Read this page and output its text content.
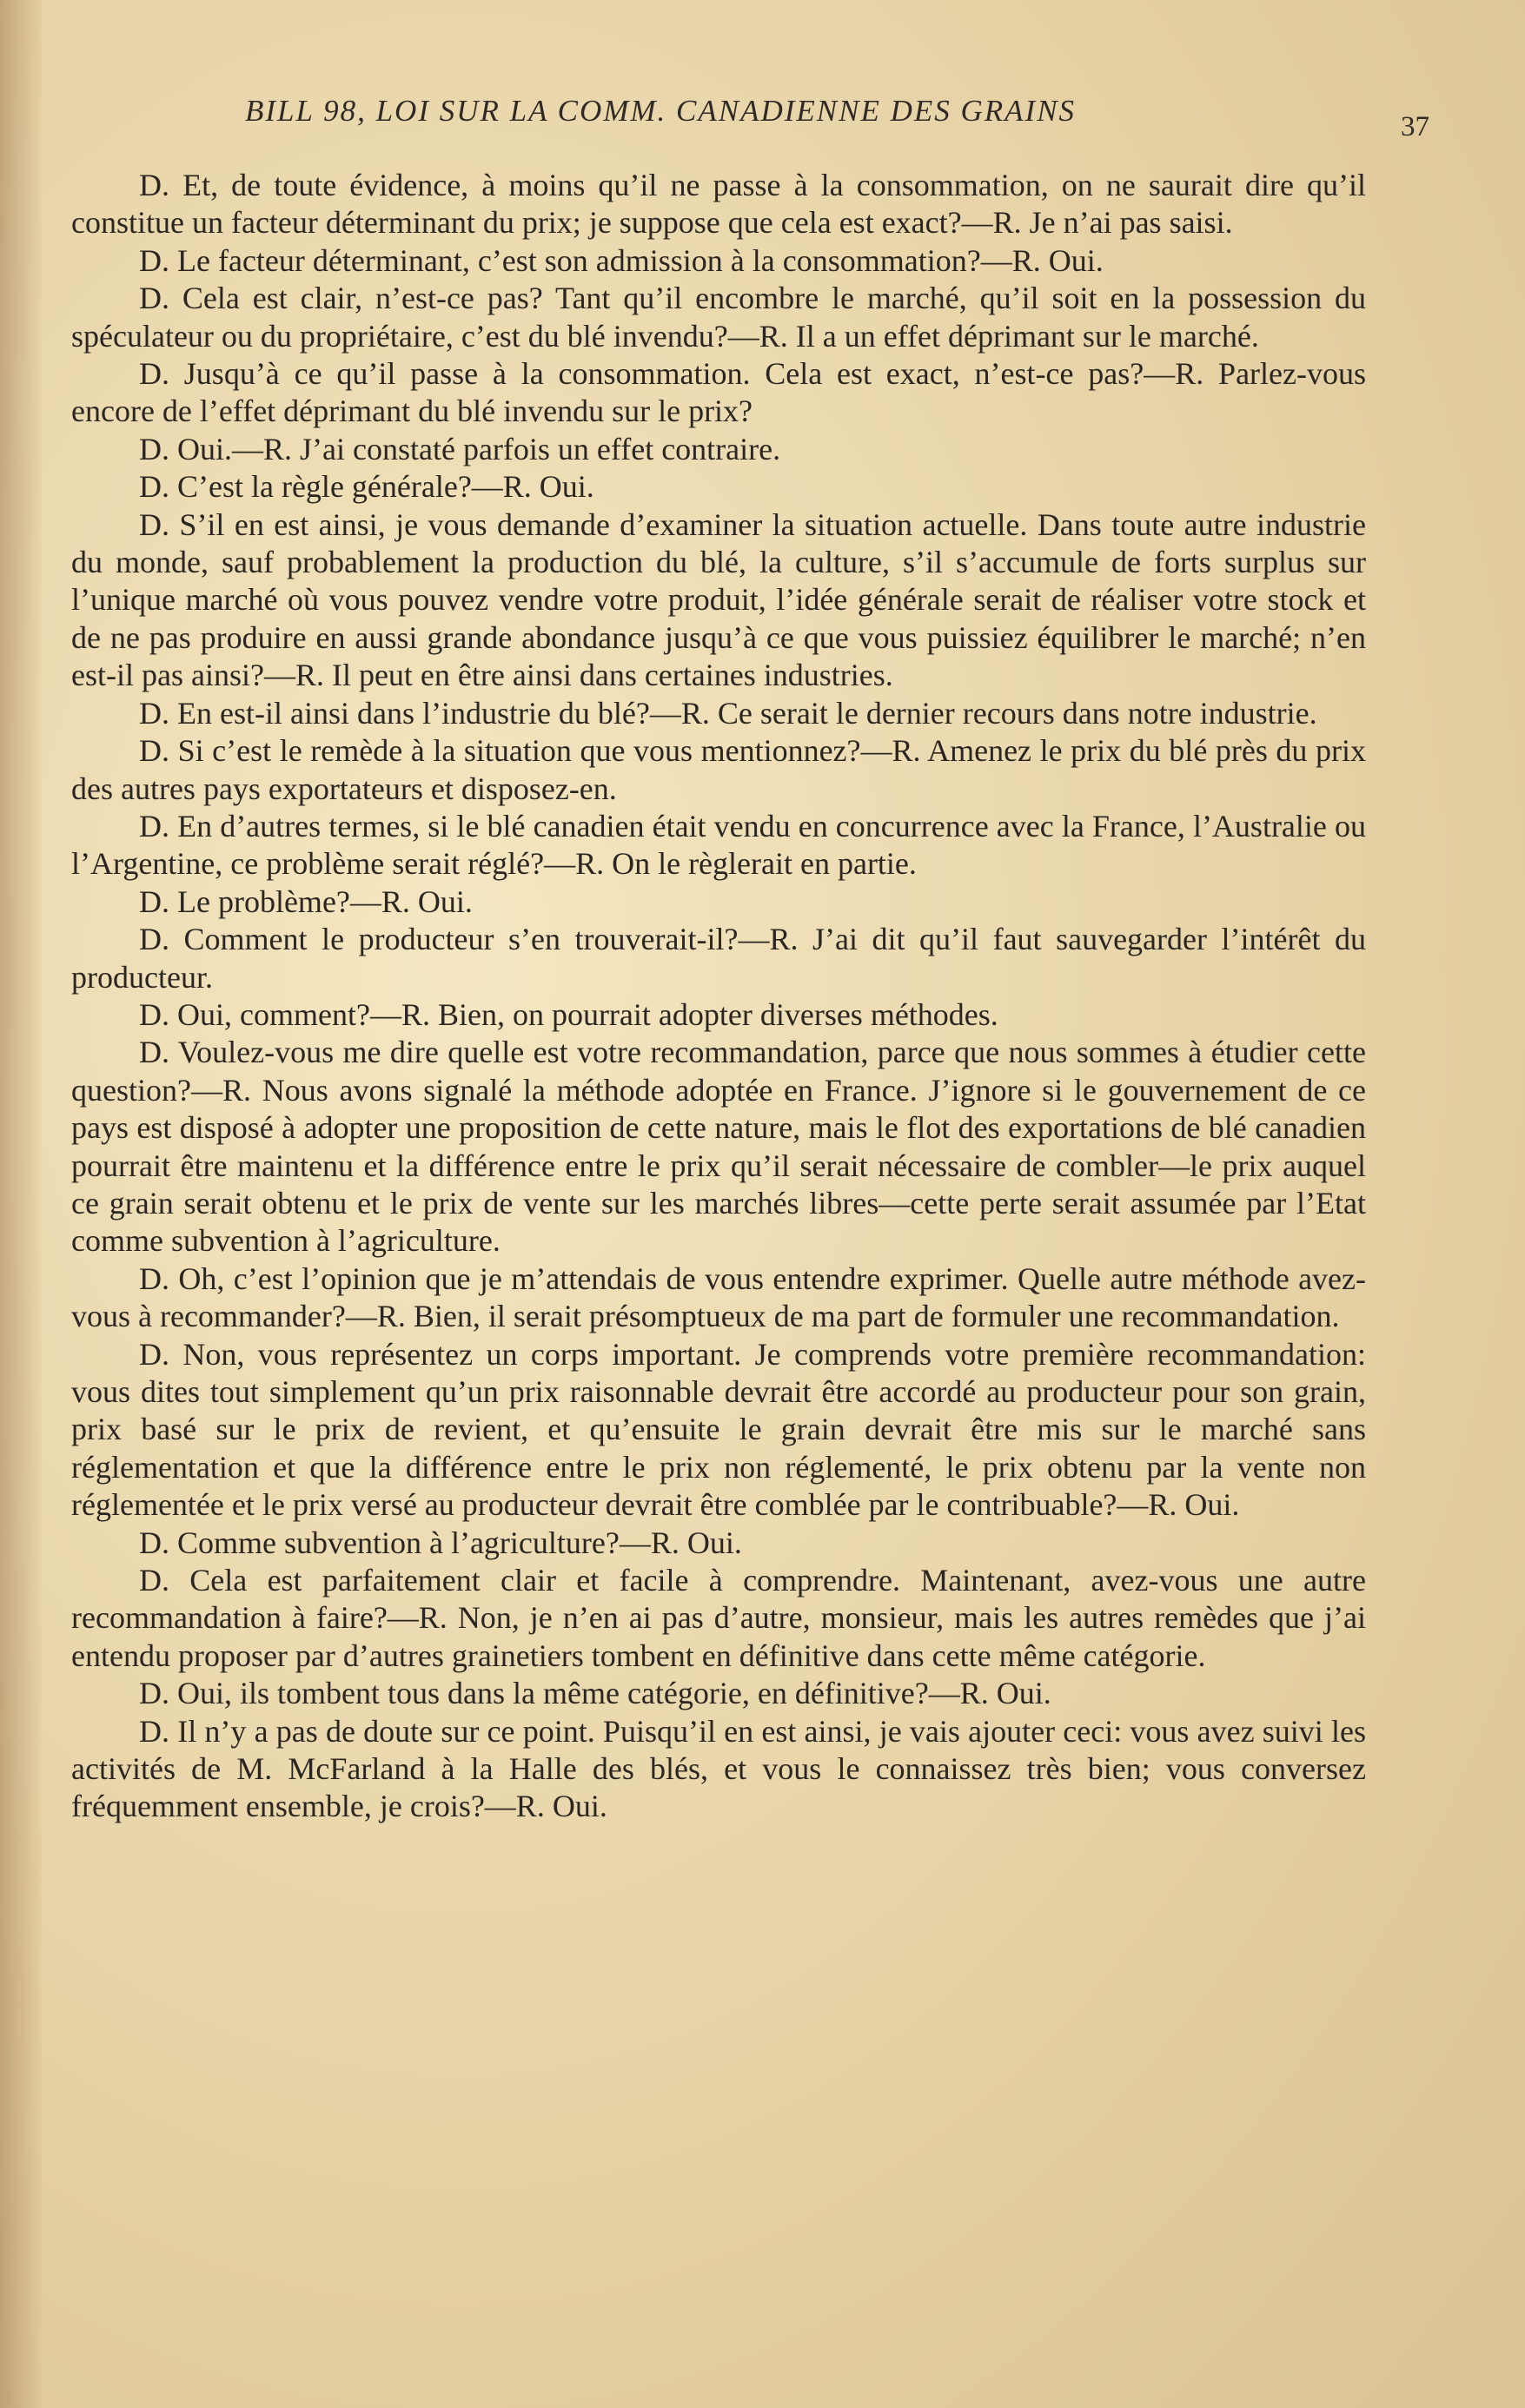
BILL 98, LOI SUR LA COMM. CANADIENNE DES GRAINS	37

D. Et, de toute évidence, à moins qu’il ne passe à la consommation, on ne saurait dire qu’il constitue un facteur déterminant du prix; je suppose que cela est exact?—R. Je n’ai pas saisi.

D. Le facteur déterminant, c’est son admission à la consommation?—R. Oui.

D. Cela est clair, n’est-ce pas? Tant qu’il encombre le marché, qu’il soit en la possession du spéculateur ou du propriétaire, c’est du blé invendu?—R. Il a un effet déprimant sur le marché.

D. Jusqu’à ce qu’il passe à la consommation. Cela est exact, n’est-ce pas?—R. Parlez-vous encore de l’effet déprimant du blé invendu sur le prix?

D. Oui.—R. J’ai constaté parfois un effet contraire.

D. C’est la règle générale?—R. Oui.

D. S’il en est ainsi, je vous demande d’examiner la situation actuelle. Dans toute autre industrie du monde, sauf probablement la production du blé, la culture, s’il s’accumule de forts surplus sur l’unique marché où vous pouvez vendre votre produit, l’idée générale serait de réaliser votre stock et de ne pas produire en aussi grande abondance jusqu’à ce que vous puissiez équilibrer le marché; n’en est-il pas ainsi?—R. Il peut en être ainsi dans certaines industries.

D. En est-il ainsi dans l’industrie du blé?—R. Ce serait le dernier recours dans notre industrie.

D. Si c’est le remède à la situation que vous mentionnez?—R. Amenez le prix du blé près du prix des autres pays exportateurs et disposez-en.

D. En d’autres termes, si le blé canadien était vendu en concurrence avec la France, l’Australie ou l’Argentine, ce problème serait réglé?—R. On le règlerait en partie.

D. Le problème?—R. Oui.

D. Comment le producteur s’en trouverait-il?—R. J’ai dit qu’il faut sauvegarder l’intérêt du producteur.

D. Oui, comment?—R. Bien, on pourrait adopter diverses méthodes.

D. Voulez-vous me dire quelle est votre recommandation, parce que nous sommes à étudier cette question?—R. Nous avons signalé la méthode adoptée en France. J’ignore si le gouvernement de ce pays est disposé à adopter une proposition de cette nature, mais le flot des exportations de blé canadien pourrait être maintenu et la différence entre le prix qu’il serait nécessaire de combler—le prix auquel ce grain serait obtenu et le prix de vente sur les marchés libres—cette perte serait assumée par l’Etat comme subvention à l’agriculture.

D. Oh, c’est l’opinion que je m’attendais de vous entendre exprimer. Quelle autre méthode avez-vous à recommander?—R. Bien, il serait présomptueux de ma part de formuler une recommandation.

D. Non, vous représentez un corps important. Je comprends votre première recommandation: vous dites tout simplement qu’un prix raisonnable devrait être accordé au producteur pour son grain, prix basé sur le prix de revient, et qu’ensuite le grain devrait être mis sur le marché sans réglementation et que la différence entre le prix non réglementé, le prix obtenu par la vente non réglementée et le prix versé au producteur devrait être comblée par le contribuable?—R. Oui.

D. Comme subvention à l’agriculture?—R. Oui.

D. Cela est parfaitement clair et facile à comprendre. Maintenant, avez-vous une autre recommandation à faire?—R. Non, je n’en ai pas d’autre, monsieur, mais les autres remèdes que j’ai entendu proposer par d’autres grainetiers tombent en définitive dans cette même catégorie.

D. Oui, ils tombent tous dans la même catégorie, en définitive?—R. Oui.

D. Il n’y a pas de doute sur ce point. Puisqu’il en est ainsi, je vais ajouter ceci: vous avez suivi les activités de M. McFarland à la Halle des blés, et vous le connaissez très bien; vous conversez fréquemment ensemble, je crois?—R. Oui.
